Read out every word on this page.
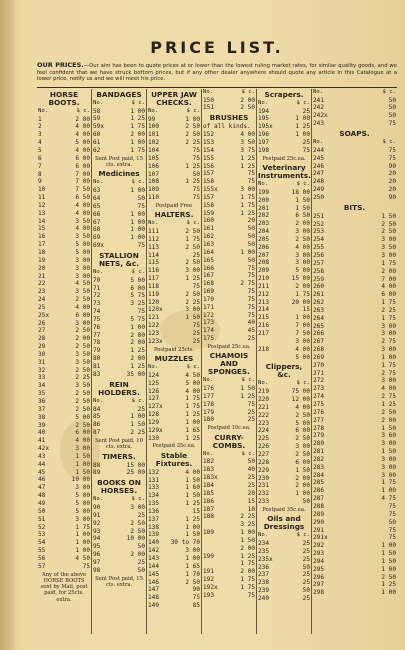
PRICE LIST.
OUR PRICES.—Our aim has been to quote prices at or lower than the lowest ruling market rates, for similar quality goods, and we feel confident that we have struck bottom prices, but if any other dealer anywhere should quote any article in this Catalogue at a lower price, notify us and we will meet his price.
HORSE BOOTS.
No.	$ c.
1	2 00
2	4 00
3	4 00
4	5 00
5	4 00
6	6 00
7	6 00
8	7 00
9	7 00
10	7 50
11	6 50
12	4 00
13	4 00
14	3 50
15	4 00
16	3 50
17	5 00
18	5 00
19	3 00
20	3 00
21	3 00
22	4 50
23	3 50
24	2 50
25	4 00
25x	6 00
26	3 00
27	2 50
28	2 00
29	2 50
30	3 50
31	3 50
32	2 50
33	2 25
34	3 50
35	2 50
36	2 50
37	2 50
38	5 00
39	2 50
40	6 00
41	4 00
42x	3 00
43	1 50
44	1 00
45	1 50
46	10 00
47	3 00
48	5 00
49	5 00
50	5 00
51	3 00
52	1 75
53	1 00
54	1 00
55	1 00
56	4 50
57	75
Any of the above HORSE BOOTS sent by Mail, post paid, for 25cts. extra.
BANDAGES
No.	$ c.
58	1 00
59	1 25
59x	1 75
60	2 00
61	1 00
62	1 75
Sent Post paid, 15 cts. extra.
Medicines
No.	$ c.
63	1 00
64	50
65	75
66	1 00
67	1 00
68	1 00
69	1 00
69x	75
STALLION NETS, &c.
No.	$ c.
70	5 00
71	6 00
72	5 75
73	3 25
74	75
75	5 75
76	1 00
77	2 00
78	2 00
79	1 25
80	2 00
81	1 25
83	35 00
REIN HOLDERS.
No.	$ c.
84	25
85	1 00
86	1 50
87	2 25
Sent Post paid, 10 cts. extra.
TIMERS.
88	15 00
89	25 00
BOOKS ON HORSES.
No.	$ c.
90	3 00
91	25
92	2 50
93	2 50
94	10 00
95	50
96	2 00
97	25
98	50
Sent Post paid, 15 cts. extra.
UPPER JAW CHECKS.
No.	$ c.
99	1 00
100	2 50
101	2 50
102	2 25
104	75
105	75
106	1 25
107	50
108	1 25
109	75
110	75
Postpaid Free
HALTERS.
No.	$ c.
111	2 50
112	1 75
113	2 50
114	25
115	2 50
116	3 00
117	1 25
118	75
119	2 50
120	2 25
120x	3 00
121	1 50
122	75
123	25
123x	25
Postpaid 25cts.
MUZZLES
No.	$ c.
124	4 50
125	5 00
126	4 00
127	1 75
127x	1 75
128	1 25
129	1 00
129x	1 65
130	1 25
Postpaid 35c.ea.
Stable Fixtures.
132	4 00
131	1 50
133	1 60
134	1 50
135	1 25
136	15
137	1 25
138	1 00
139	1 50
140	30 to 70
142	3 00
143	1 00
144	1 65
145	1 70
146	2 50
147	90
148	75
149	85
No.	$ c.
150	2 00
151	2 50
BRUSHES
of all kinds.
152	4 00
153	3 50
154	3 75
155	1 25
156	1 25
157	75
158	75
155x	3 00
157	1 75
158	1 75
159	1 25
160	20
161	50
162	50
163	50
164	1 00
165	50
166	75
167	75
168	2 75
169	75
170	75
171	75
172	75
173	40
174	45
175	25
Postpaid 25c.ea.
CHAMOIS AND SPONGES.
No.	$ c.
176	1 50
177	1 25
178	75
179	25
180	25
Postpaid 10c.ea.
CURRY-COMBS.
No.	$ c.
182	50
183	40
183x	25
184	25
185	20
186	15
187	10
188	2 25
3 25
189	1 00
1 50
2 00
190	1 25
1 75
191	2 00
192	1 75
192x	1 75
193	75
Scrapers.
No.	$ c.
194	25
195	1 00
195x	1 25
196	1 00
197	25
198	75
Postpaid 25c.ea.
Veterinary Instruments.
No.	$ c.
199	18 00
200	1 50
201	1 50
202	6 50
203	2 00
204	3 00
205	2 50
206	4 00
207	3 00
208	3 00
209	5 00
210	15 00
211	2 00
212	1 75
213	20 00
214	15
215	1 00
216	7 00
217	7 50
3 00
218	4 00
5 00
Clippers, &c.
No.	$ c.
219	75 00
220	12 00
221	4 00
222	2 50
223	5 00
224	6 00
225	2 50
226	3 00
227	2 50
228	6 00
229	1 50
230	2 00
231	2 00
232	1 00
233	50
Postpaid 35c.ea.
Oils and Dressings
No.	$ c.
234	25
235	25
235x	25
236	50
237	25
238	25
239	50
240	25
No.	$ c.
241	50
242	50
242x	50
243	75
SOAPS.
No.	$ c.
244	75
245	75
246	90
247	20
248	20
249	20
250	90
BITS.
251	1 50
252	2 50
253	2 50
254	3 00
255	3 50
256	3 00
257	1 75
258	2 00
259	7 00
260	4 00
261	6 00
262	1 75
263	2 25
264	1 75
265	3 00
266	3 00
267	2 75
268	3 00
269	1 00
270	1 75
271	2 75
272	3 00
273	4 00
274	2 75
275	1 25
276	2 50
277	2 00
278	1 50
279	3 60
280	3 00
281	1 50
282	3 00
283	3 00
284	3 00
285	1 75
286	1 00
287	4 75
288	75
289	75
290	50
291	75
291x	75
292	1 00
293	1 50
294	1 50
295	1 00
296	2 50
297	1 25
298	1 00
